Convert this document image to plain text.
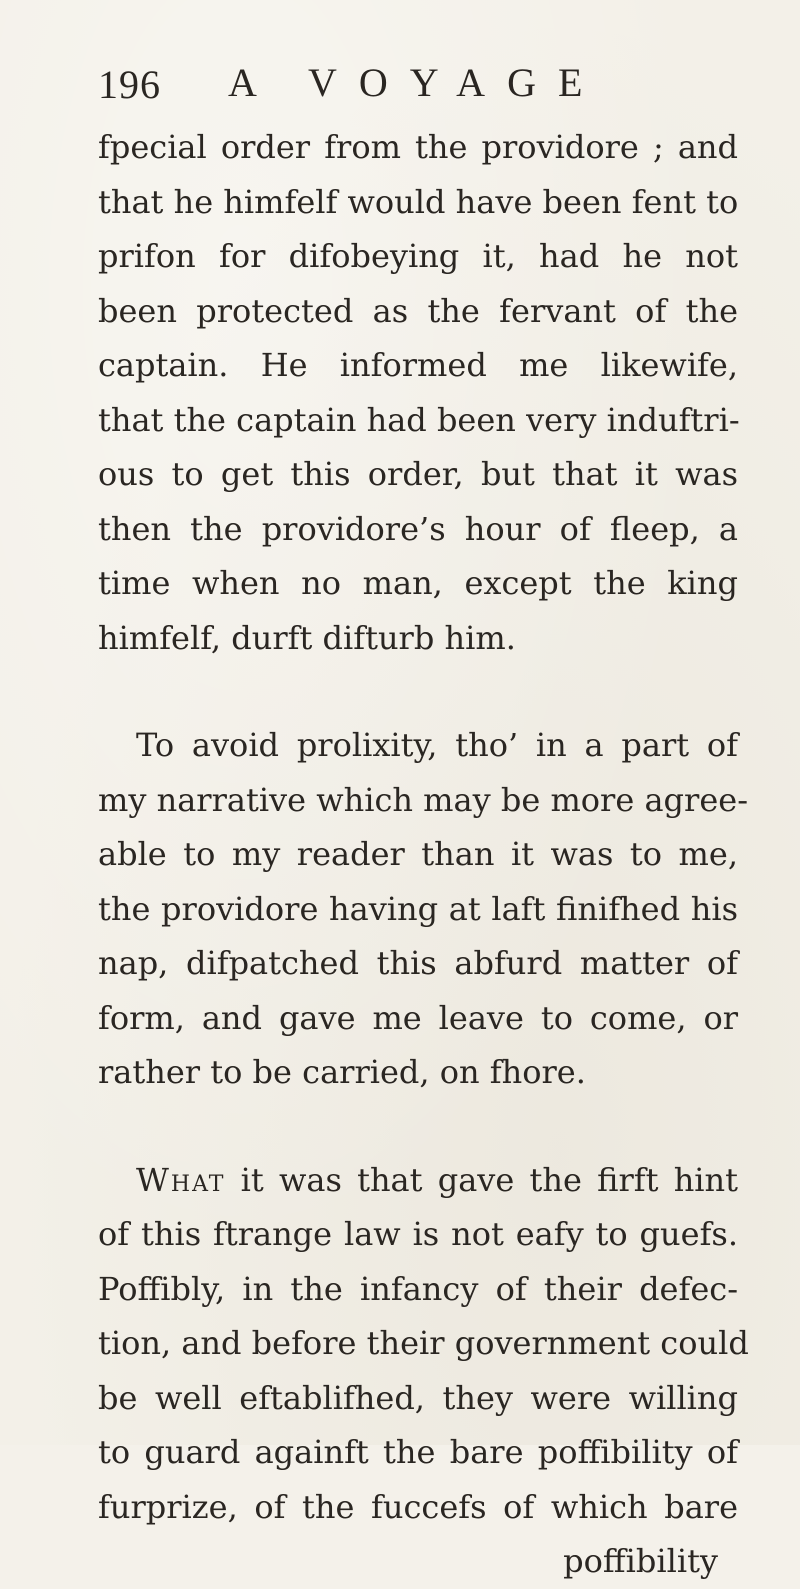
196 A VOYAGE
fpecial order from the providore ; and
that he himfelf would have been fent to
prifon for difobeying it, had he not
been protected as the fervant of the
captain. He informed me likewife,
that the captain had been very induftri-
ous to get this order, but that it was
then the providore’s hour of fleep, a
time when no man, except the king
himfelf, durft difturb him.
To avoid prolixity, tho’ in a part of
my narrative which may be more agree-
able to my reader than it was to me,
the providore having at laft finifhed his
nap, difpatched this abfurd matter of
form, and gave me leave to come, or
rather to be carried, on fhore.
What it was that gave the firft hint
of this ftrange law is not eafy to guefs.
Poffibly, in the infancy of their defec-
tion, and before their government could
be well eftablifhed, they were willing
to guard againft the bare poffibility of
furprize, of the fuccefs of which bare
poffibility
